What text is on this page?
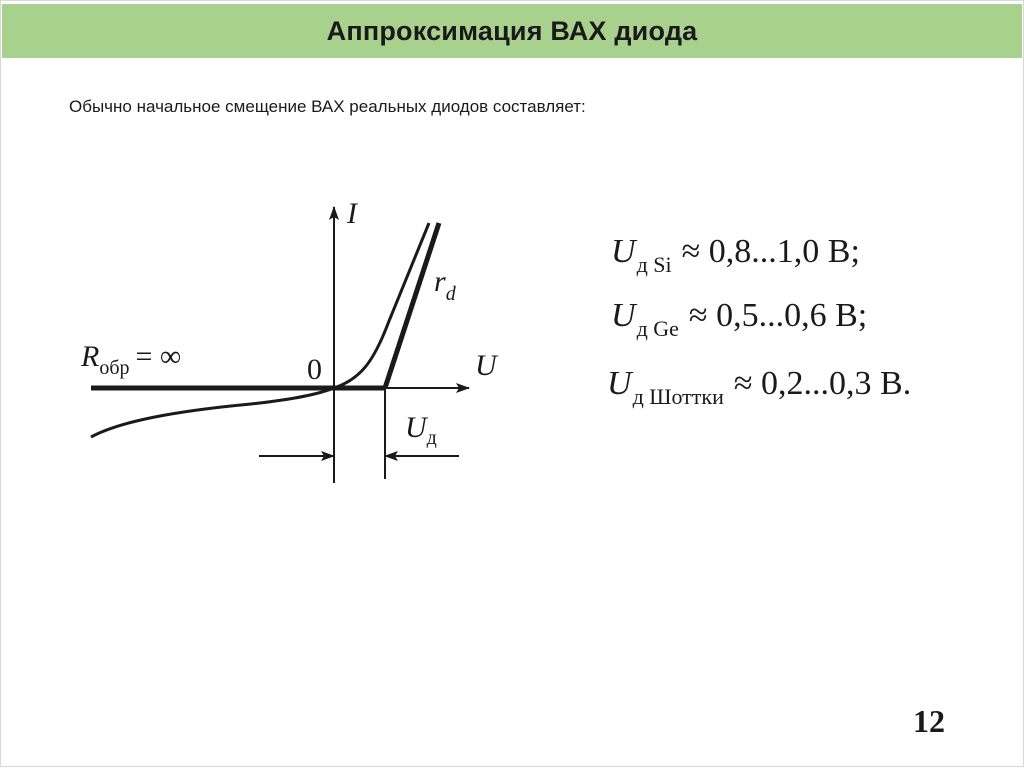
Аппроксимация ВАХ диода
Обычно начальное смещение ВАХ реальных диодов составляет:
I
U
0
$r_d$
$R_{обр}$ = ∞
$U_д$
$U_{д Si} \approx 0,8...1,0$ В;
$U_{д Ge} \approx 0,5...0,6$ В;
$U_{д Шоттки} \approx 0,2...0,3$ В.
12
